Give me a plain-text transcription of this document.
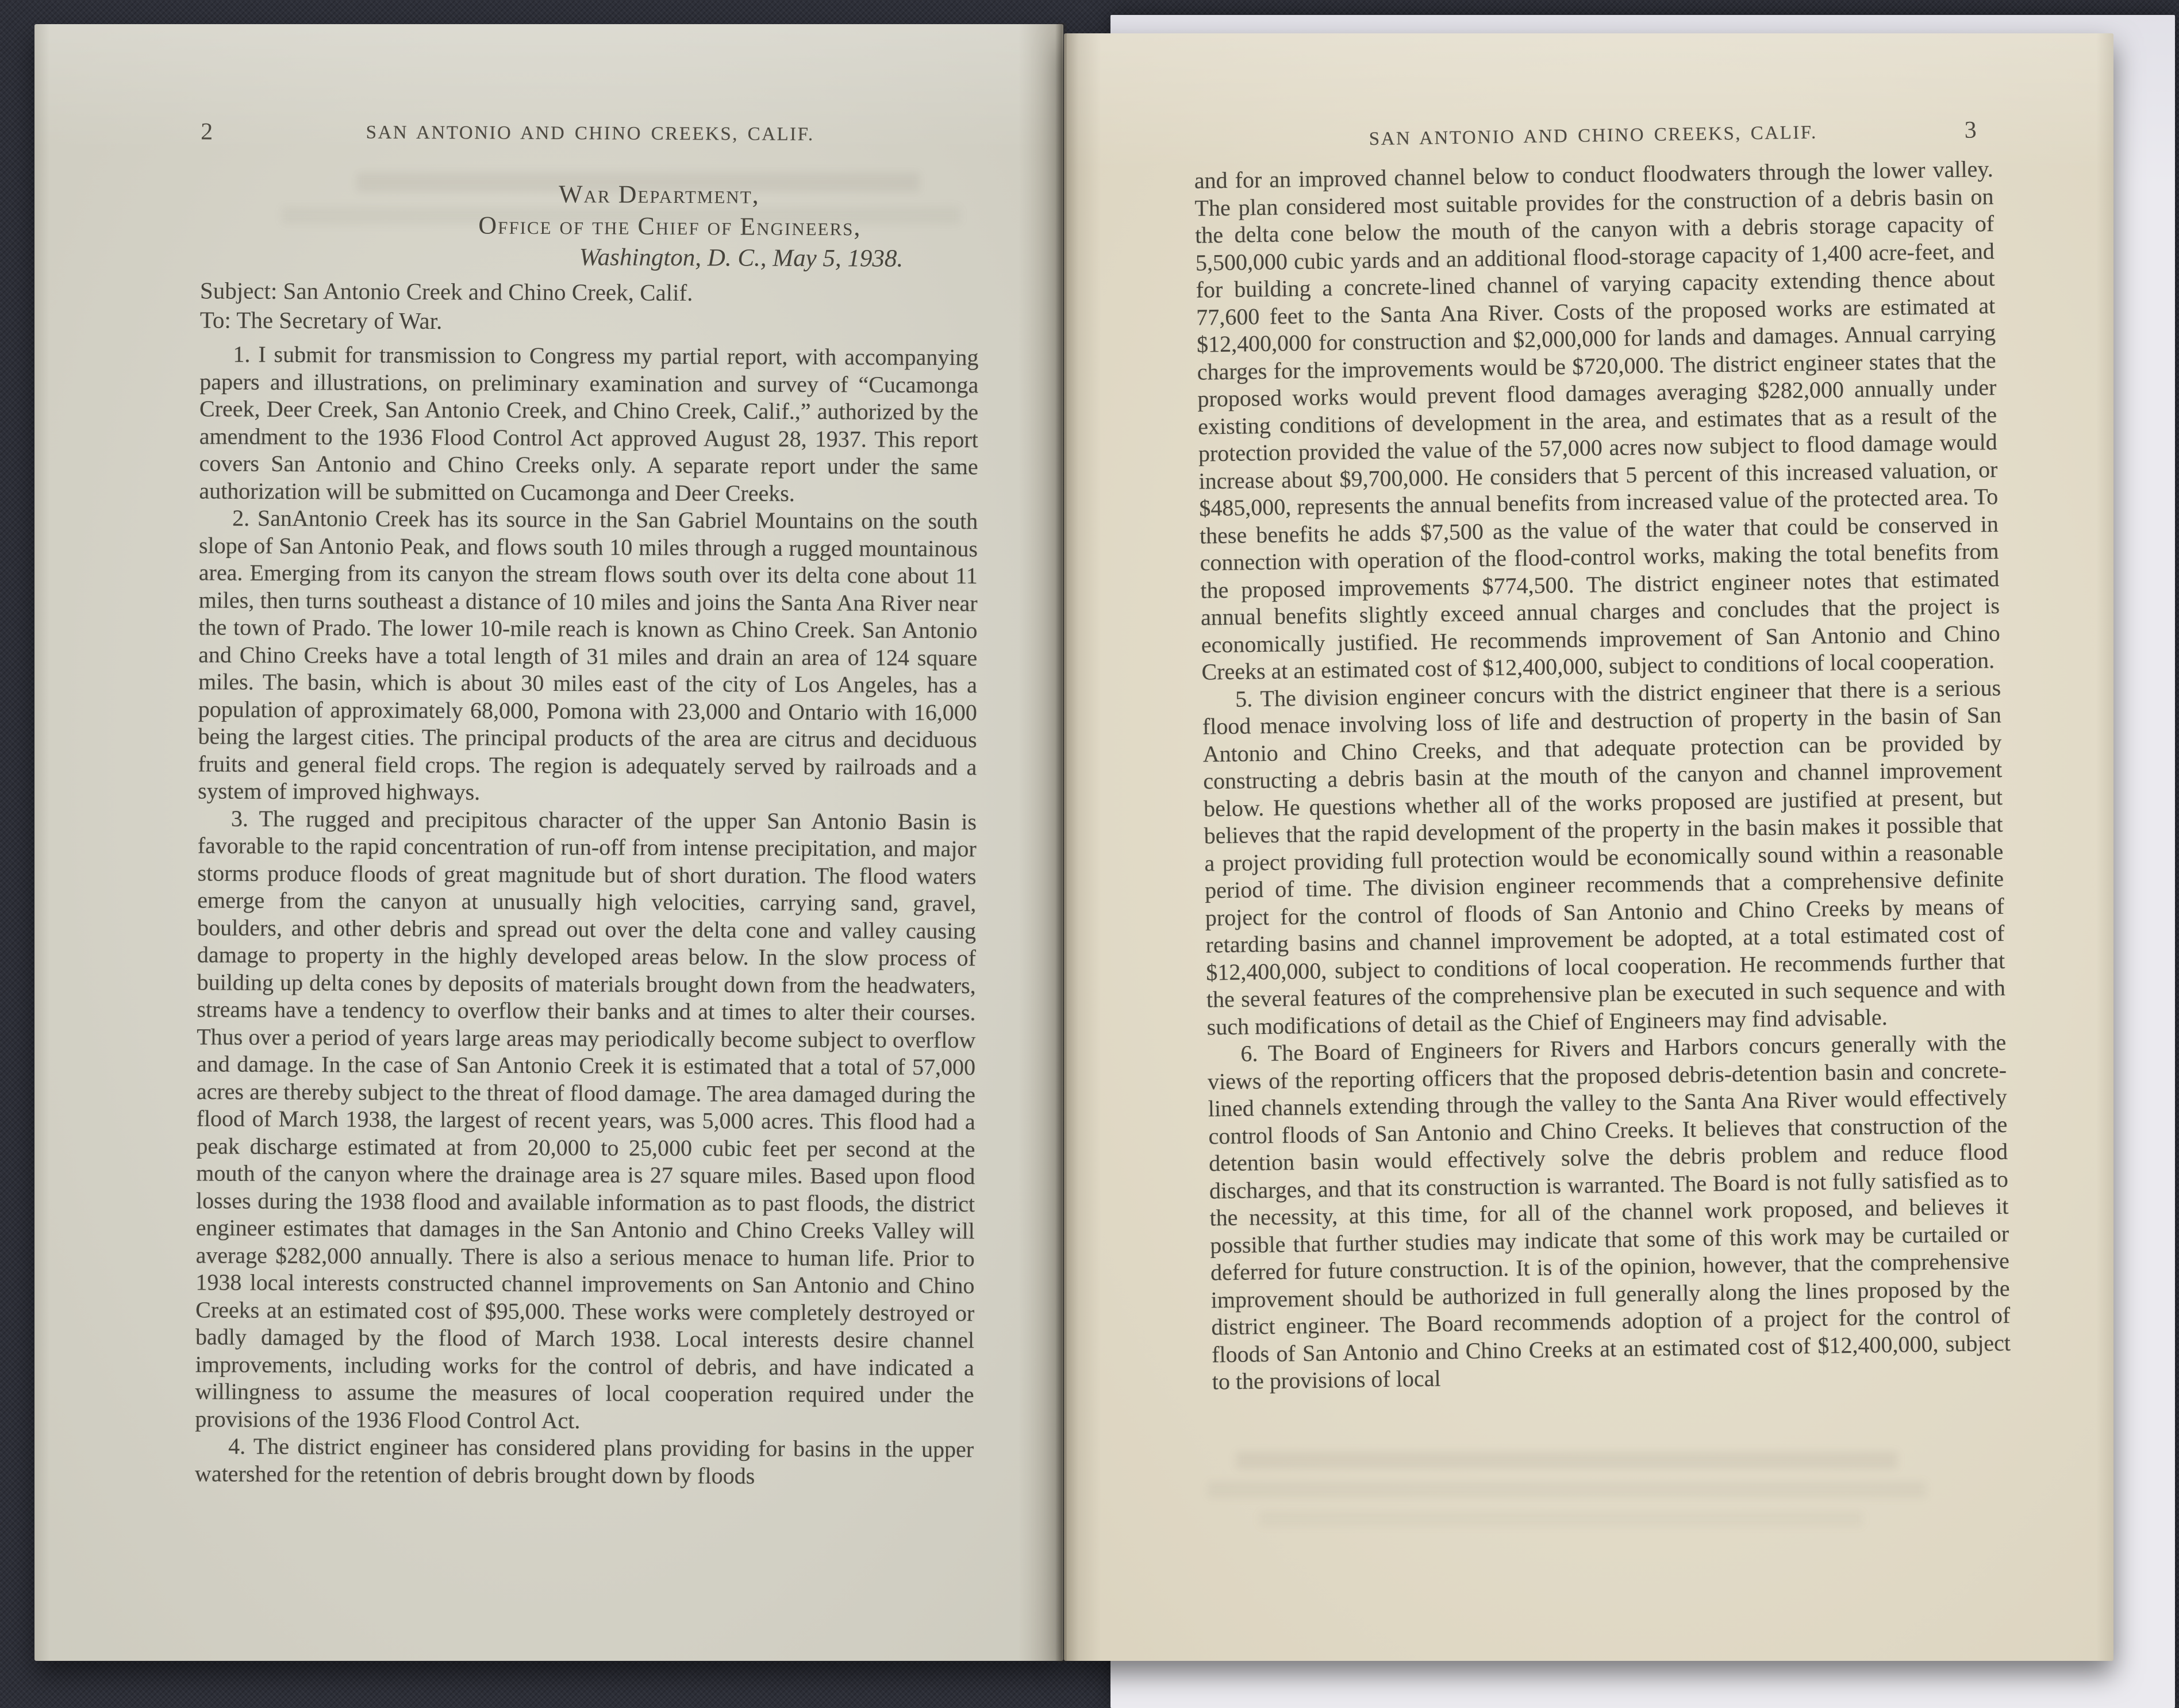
2	SAN ANTONIO AND CHINO CREEKS, CALIF.
War Department,
Office of the Chief of Engineers,
Washington, D. C., May 5, 1938.
Subject: San Antonio Creek and Chino Creek, Calif.
To: The Secretary of War.

1. I submit for transmission to Congress my partial report, with accompanying papers and illustrations, on preliminary examination and survey of “Cucamonga Creek, Deer Creek, San Antonio Creek, and Chino Creek, Calif.,” authorized by the amendment to the 1936 Flood Control Act approved August 28, 1937. This report covers San Antonio and Chino Creeks only. A separate report under the same authorization will be submitted on Cucamonga and Deer Creeks.

2. SanAntonio Creek has its source in the San Gabriel Mountains on the south slope of San Antonio Peak, and flows south 10 miles through a rugged mountainous area. Emerging from its canyon the stream flows south over its delta cone about 11 miles, then turns southeast a distance of 10 miles and joins the Santa Ana River near the town of Prado. The lower 10-mile reach is known as Chino Creek. San Antonio and Chino Creeks have a total length of 31 miles and drain an area of 124 square miles. The basin, which is about 30 miles east of the city of Los Angeles, has a population of approximately 68,000, Pomona with 23,000 and Ontario with 16,000 being the largest cities. The principal products of the area are citrus and deciduous fruits and general field crops. The region is adequately served by railroads and a system of improved highways.

3. The rugged and precipitous character of the upper San Antonio Basin is favorable to the rapid concentration of run-off from intense precipitation, and major storms produce floods of great magnitude but of short duration. The flood waters emerge from the canyon at unusually high velocities, carrying sand, gravel, boulders, and other debris and spread out over the delta cone and valley causing damage to property in the highly developed areas below. In the slow process of building up delta cones by deposits of materials brought down from the headwaters, streams have a tendency to overflow their banks and at times to alter their courses. Thus over a period of years large areas may periodically become subject to overflow and damage. In the case of San Antonio Creek it is estimated that a total of 57,000 acres are thereby subject to the threat of flood damage. The area damaged during the flood of March 1938, the largest of recent years, was 5,000 acres. This flood had a peak discharge estimated at from 20,000 to 25,000 cubic feet per second at the mouth of the canyon where the drainage area is 27 square miles. Based upon flood losses during the 1938 flood and available information as to past floods, the district engineer estimates that damages in the San Antonio and Chino Creeks Valley will average $282,000 annually. There is also a serious menace to human life. Prior to 1938 local interests constructed channel improvements on San Antonio and Chino Creeks at an estimated cost of $95,000. These works were completely destroyed or badly damaged by the flood of March 1938. Local interests desire channel improvements, including works for the control of debris, and have indicated a willingness to assume the measures of local cooperation required under the provisions of the 1936 Flood Control Act.

4. The district engineer has considered plans providing for basins in the upper watershed for the retention of debris brought down by floods

SAN ANTONIO AND CHINO CREEKS, CALIF.	3

and for an improved channel below to conduct floodwaters through the lower valley. The plan considered most suitable provides for the construction of a debris basin on the delta cone below the mouth of the canyon with a debris storage capacity of 5,500,000 cubic yards and an additional flood-storage capacity of 1,400 acre-feet, and for building a concrete-lined channel of varying capacity extending thence about 77,600 feet to the Santa Ana River. Costs of the proposed works are estimated at $12,400,000 for construction and $2,000,000 for lands and damages. Annual carrying charges for the improvements would be $720,000. The district engineer states that the proposed works would prevent flood damages averaging $282,000 annually under existing conditions of development in the area, and estimates that as a result of the protection provided the value of the 57,000 acres now subject to flood damage would increase about $9,700,000. He considers that 5 percent of this increased valuation, or $485,000, represents the annual benefits from increased value of the protected area. To these benefits he adds $7,500 as the value of the water that could be conserved in connection with operation of the flood-control works, making the total benefits from the proposed improvements $774,500. The district engineer notes that estimated annual benefits slightly exceed annual charges and concludes that the project is economically justified. He recommends improvement of San Antonio and Chino Creeks at an estimated cost of $12,400,000, subject to conditions of local cooperation.

5. The division engineer concurs with the district engineer that there is a serious flood menace involving loss of life and destruction of property in the basin of San Antonio and Chino Creeks, and that adequate protection can be provided by constructing a debris basin at the mouth of the canyon and channel improvement below. He questions whether all of the works proposed are justified at present, but believes that the rapid development of the property in the basin makes it possible that a project providing full protection would be economically sound within a reasonable period of time. The division engineer recommends that a comprehensive definite project for the control of floods of San Antonio and Chino Creeks by means of retarding basins and channel improvement be adopted, at a total estimated cost of $12,400,000, subject to conditions of local cooperation. He recommends further that the several features of the comprehensive plan be executed in such sequence and with such modifications of detail as the Chief of Engineers may find advisable.

6. The Board of Engineers for Rivers and Harbors concurs generally with the views of the reporting officers that the proposed debris-detention basin and concrete-lined channels extending through the valley to the Santa Ana River would effectively control floods of San Antonio and Chino Creeks. It believes that construction of the detention basin would effectively solve the debris problem and reduce flood discharges, and that its construction is warranted. The Board is not fully satisfied as to the necessity, at this time, for all of the channel work proposed, and believes it possible that further studies may indicate that some of this work may be curtailed or deferred for future construction. It is of the opinion, however, that the comprehensive improvement should be authorized in full generally along the lines proposed by the district engineer. The Board recommends adoption of a project for the control of floods of San Antonio and Chino Creeks at an estimated cost of $12,400,000, subject to the provisions of local
